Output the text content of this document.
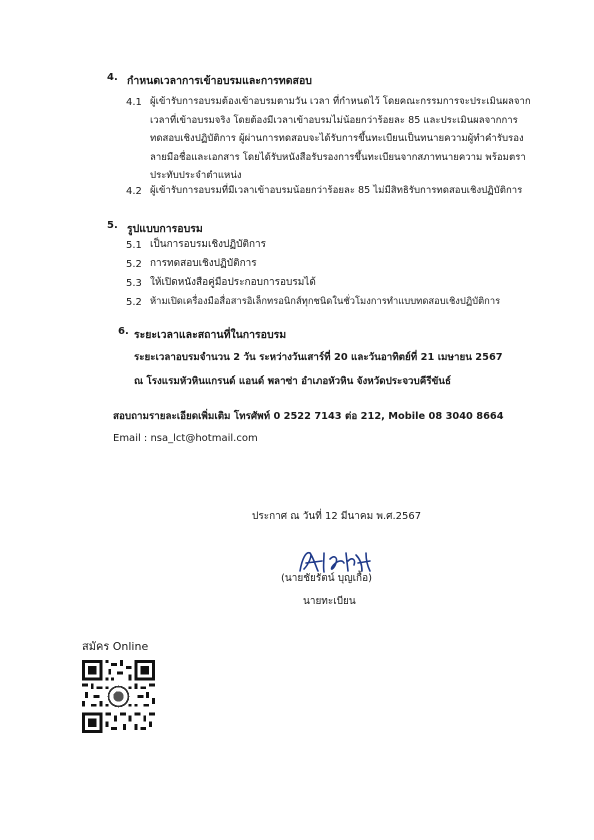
4. กำหนดเวลาการเข้าอบรมและการทดสอบ
4.1 ผู้เข้ารับการอบรมต้องเข้าอบรมตามวัน เวลา ที่กำหนดไว้ โดยคณะกรรมการจะประเมินผลจาก
เวลาที่เข้าอบรมจริง โดยต้องมีเวลาเข้าอบรมไม่น้อยกว่าร้อยละ 85 และประเมินผลจากการ
ทดสอบเชิงปฏิบัติการ ผู้ผ่านการทดสอบจะได้รับการขึ้นทะเบียนเป็นทนายความผู้ทำคำรับรอง
ลายมือชื่อและเอกสาร โดยได้รับหนังสือรับรองการขึ้นทะเบียนจากสภาทนายความ พร้อมตรา
ประทับประจำตำแหน่ง
4.2 ผู้เข้ารับการอบรมที่มีเวลาเข้าอบรมน้อยกว่าร้อยละ 85 ไม่มีสิทธิรับการทดสอบเชิงปฏิบัติการ
5. รูปแบบการอบรม
5.1 เป็นการอบรมเชิงปฏิบัติการ
5.2 การทดสอบเชิงปฏิบัติการ
5.3 ให้เปิดหนังสือคู่มือประกอบการอบรมได้
5.2 ห้ามเปิดเครื่องมือสื่อสารอิเล็กทรอนิกส์ทุกชนิดในชั่วโมงการทำแบบทดสอบเชิงปฏิบัติการ
6. ระยะเวลาและสถานที่ในการอบรม
ระยะเวลาอบรมจำนวน 2 วัน ระหว่างวันเสาร์ที่ 20 และวันอาทิตย์ที่ 21 เมษายน 2567
ณ โรงแรมหัวหินแกรนด์ แอนด์ พลาซ่า อำเภอหัวหิน จังหวัดประจวบคีรีขันธ์
สอบถามรายละเอียดเพิ่มเติม โทรศัพท์ 0 2522 7143 ต่อ 212, Mobile 08 3040 8664
Email : nsa_lct@hotmail.com
ประกาศ ณ วันที่ 12 มีนาคม พ.ศ.2567
(นายชัยรัตน์ บุญเกื้อ)
นายทะเบียน
สมัคร Online
